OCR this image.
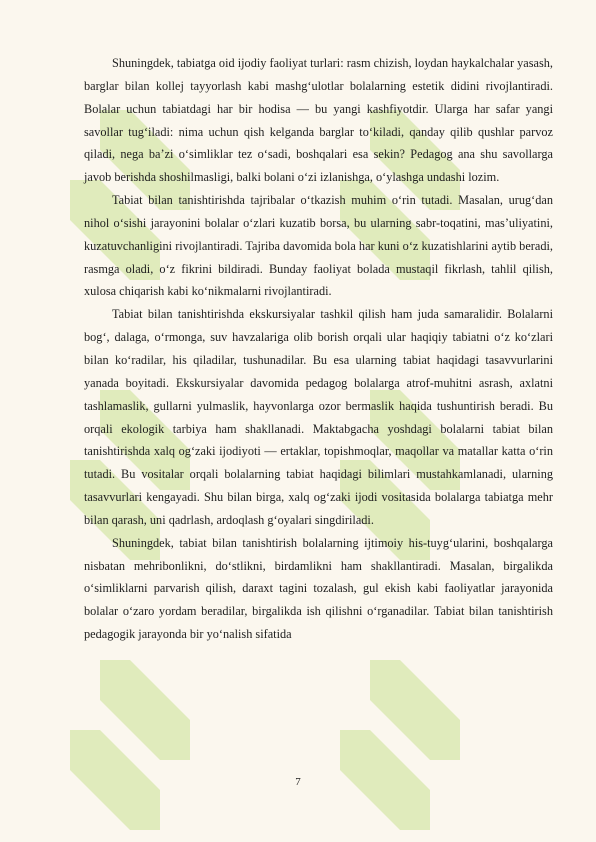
Shuningdek, tabiatga oid ijodiy faoliyat turlari: rasm chizish, loydan haykalchalar yasash, barglar bilan kollej tayyorlash kabi mashg‘ulotlar bolalarning estetik didini rivojlantiradi. Bolalar uchun tabiatdagi har bir hodisa — bu yangi kashfiyotdir. Ularga har safar yangi savollar tug‘iladi: nima uchun qish kelganda barglar to‘kiladi, qanday qilib qushlar parvoz qiladi, nega ba’zi o‘simliklar tez o‘sadi, boshqalari esa sekin? Pedagog ana shu savollarga javob berishda shoshilmasligi, balki bolani o‘zi izlanishga, o‘ylashga undashi lozim.

Tabiat bilan tanishtirishda tajribalar o‘tkazish muhim o‘rin tutadi. Masalan, urug‘dan nihol o‘sishi jarayonini bolalar o‘zlari kuzatib borsa, bu ularning sabr-toqatini, mas’uliyatini, kuzatuvchanligini rivojlantiradi. Tajriba davomida bola har kuni o‘z kuzatishlarini aytib beradi, rasmga oladi, o‘z fikrini bildiradi. Bunday faoliyat bolada mustaqil fikrlash, tahlil qilish, xulosa chiqarish kabi ko‘nikmalarni rivojlantiradi.

Tabiat bilan tanishtirishda ekskursiyalar tashkil qilish ham juda samaralidir. Bolalarni bog‘, dalaga, o‘rmonga, suv havzalariga olib borish orqali ular haqiqiy tabiatni o‘z ko‘zlari bilan ko‘radilar, his qiladilar, tushunadilar. Bu esa ularning tabiat haqidagi tasavvurlarini yanada boyitadi. Ekskursiyalar davomida pedagog bolalarga atrof-muhitni asrash, axlatni tashlamaslik, gullarni yulmaslik, hayvonlarga ozor bermaslik haqida tushuntirish beradi. Bu orqali ekologik tarbiya ham shakllanadi. Maktabgacha yoshdagi bolalarni tabiat bilan tanishtirishda xalq og‘zaki ijodiyoti — ertaklar, topishmoqlar, maqollar va matallar katta o‘rin tutadi. Bu vositalar orqali bolalarning tabiat haqidagi bilimlari mustahkamlanadi, ularning tasavvurlari kengayadi. Shu bilan birga, xalq og‘zaki ijodi vositasida bolalarga tabiatga mehr bilan qarash, uni qadrlash, ardoqlash g‘oyalari singdiriladi.

Shuningdek, tabiat bilan tanishtirish bolalarning ijtimoiy his-tuyg‘ularini, boshqalarga nisbatan mehribonlikni, do‘stlikni, birdamlikni ham shakllantiradi. Masalan, birgalikda o‘simliklarni parvarish qilish, daraxt tagini tozalash, gul ekish kabi faoliyatlar jarayonida bolalar o‘zaro yordam beradilar, birgalikda ish qilishni o‘rganadilar. Tabiat bilan tanishtirish pedagogik jarayonda bir yo‘nalish sifatida

7
